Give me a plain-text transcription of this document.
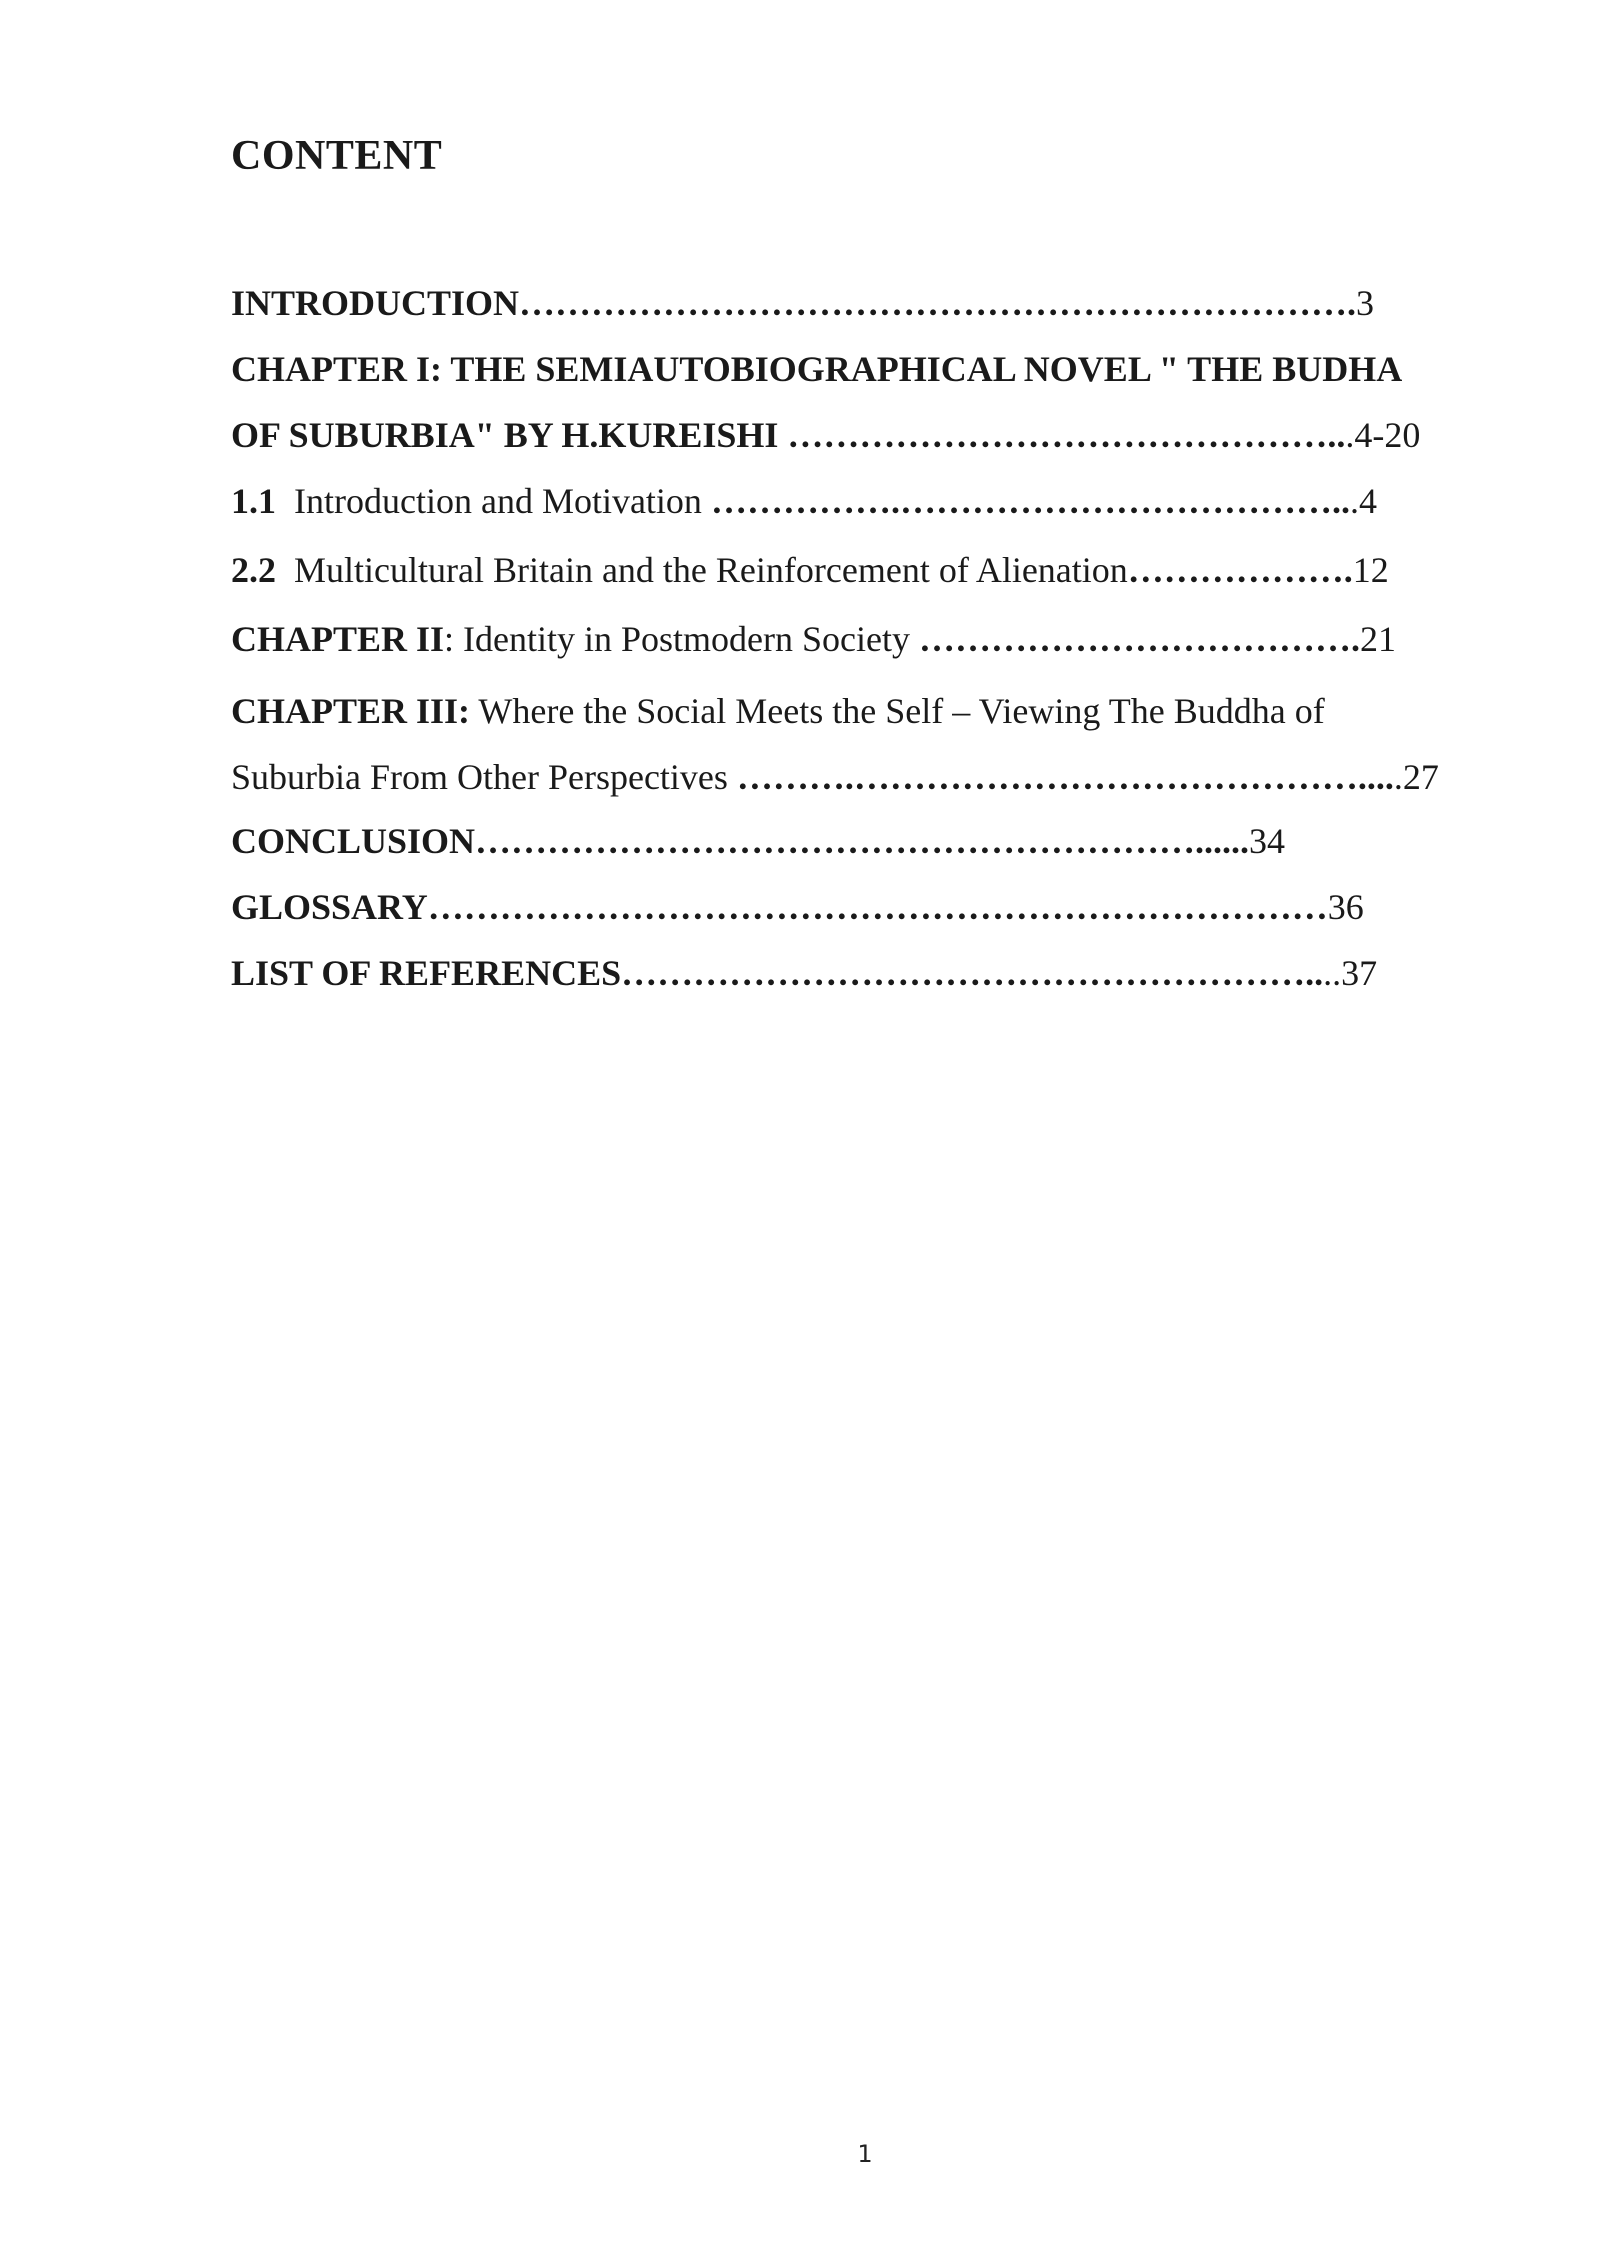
CONTENT
INTRODUCTION…………………………………………………………….3
CHAPTER I: THE SEMIAUTOBIOGRAPHICAL NOVEL " THE BUDHA
OF SUBURBIA" BY H.KUREISHI ………………………………………...4-20
1.1  Introduction and Motivation …………….………………………………...4
2.2  Multicultural Britain and the Reinforcement of Alienation……………….12
CHAPTER II: Identity in Postmodern Society ……………………………….21
CHAPTER III: Where the Social Meets the Self – Viewing The Buddha of
Suburbia From Other Perspectives ……….…………………………………….....27
CONCLUSION……………………………………………………......34
GLOSSARY…………………………………………………………………36
LIST OF REFERENCES…………………………………………………....37
1
